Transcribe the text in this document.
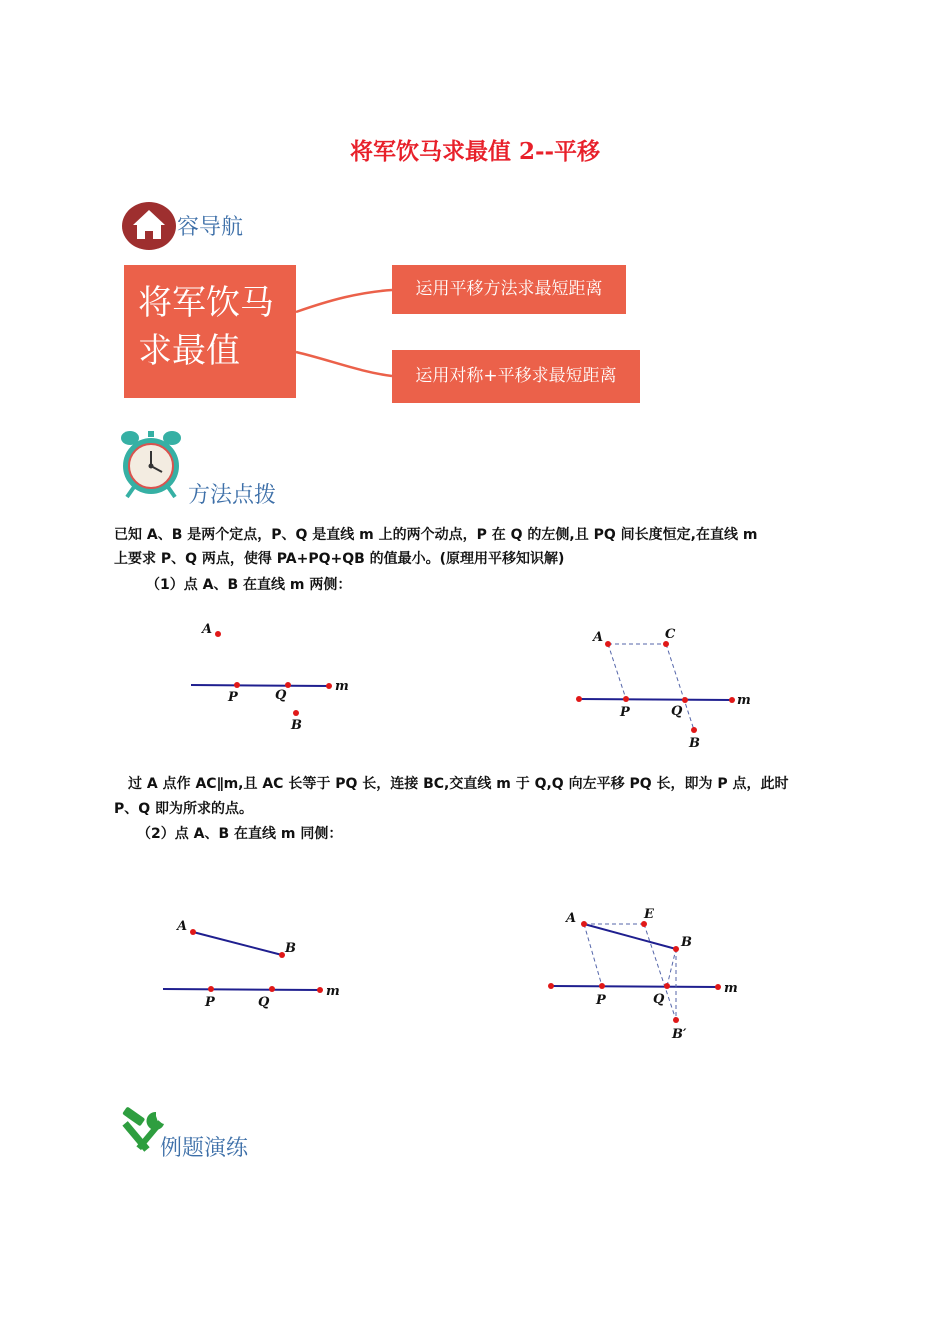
将军饮马求最值 2--平移
容导航
将军饮马
求最值
运用平移方法求最短距离
运用对称+平移求最短距离
方法点拨
已知 A、B 是两个定点，P、Q 是直线 m 上的两个动点，P 在 Q 的左侧,且 PQ 间长度恒定,在直线 m
上要求 P、Q 两点，使得 PA+PQ+QB 的值最小。(原理用平移知识解)
（1）点 A、B 在直线 m 两侧：
A
P	Q
m
B
A	C
P	Q
m
B
过 A 点作 AC∥m,且 AC 长等于 PQ 长，连接 BC,交直线 m 于 Q,Q 向左平移 PQ 长，即为 P 点，此时
P、Q 即为所求的点。
（2）点 A、B 在直线 m 同侧：
A
B
P	Q
m
A	E
B
P	Q
m
B′
例题演练
